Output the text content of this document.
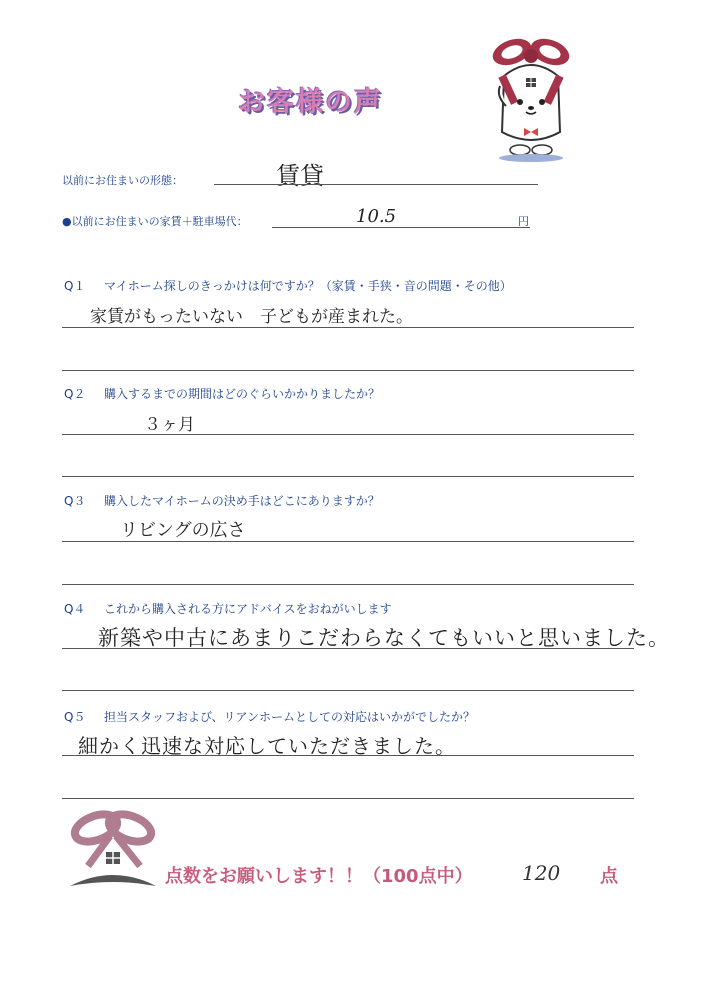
お客様の声
以前にお住まいの形態：	賃貸
●以前にお住まいの家賃＋駐車場代：	10.5	円
Q１ マイホーム探しのきっかけは何ですか？（家賃・手狭・音の問題・その他）
家賃がもったいない　子どもが産まれた。
Q２ 購入するまでの期間はどのぐらいかかりましたか？
３ヶ月
Q３ 購入したマイホームの決め手はどこにありますか？
リビングの広さ
Q４ これから購入される方にアドバイスをおねがいします
新築や中古にあまりこだわらなくてもいいと思いました。
Q５ 担当スタッフおよび、リアンホームとしての対応はいかがでしたか？
細かく迅速な対応していただきました。
点数をお願いします！！（100点中） 120 点
